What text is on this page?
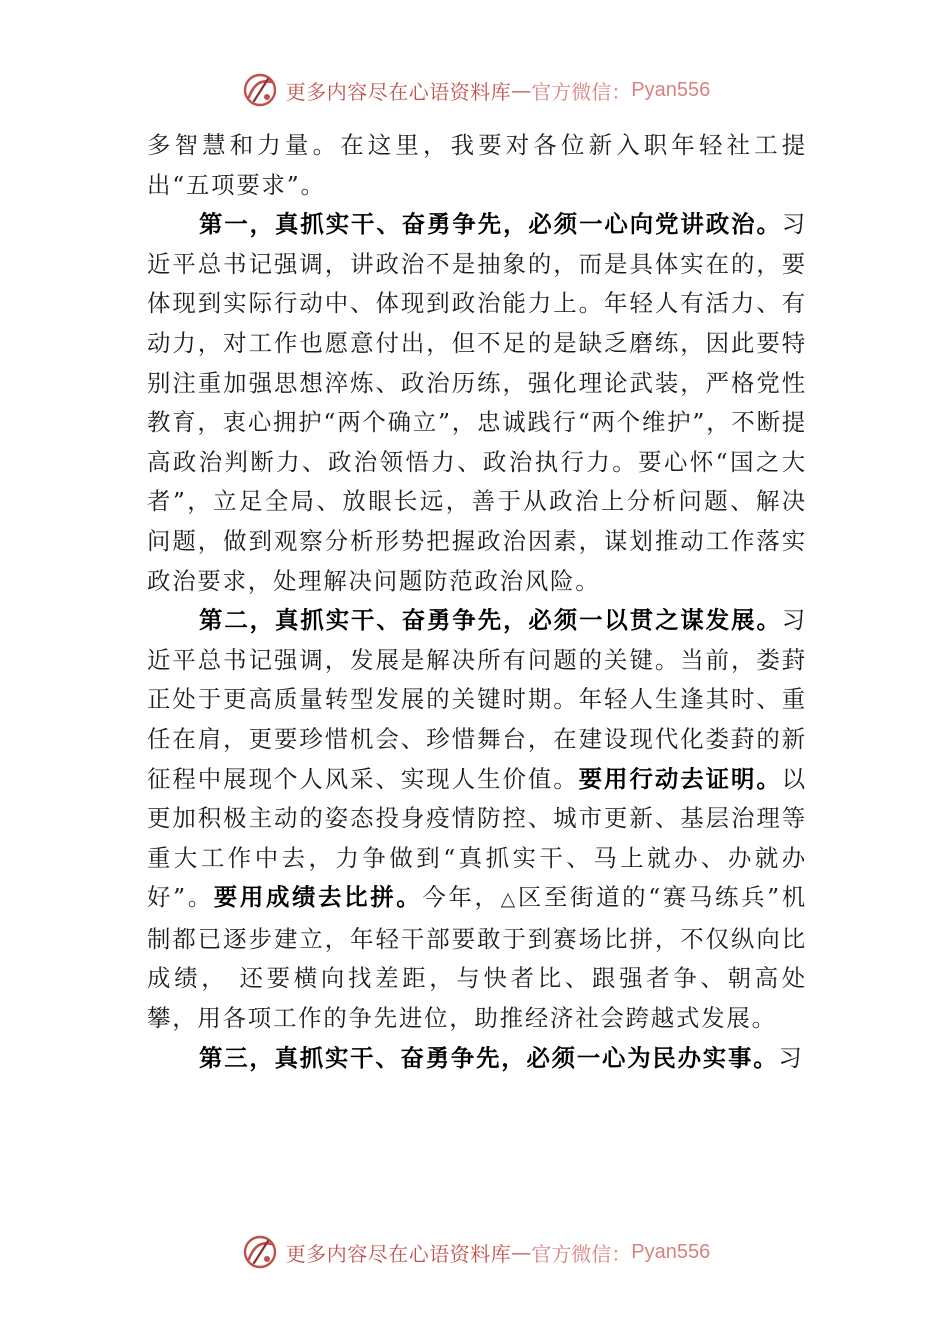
更多内容尽在心语资料库 — 官方微信： Pyan556

多智慧和力量。在这里，我要对各位新入职年轻社工提出“五项要求”。

第一，真抓实干、奋勇争先，必须一心向党讲政治。习近平总书记强调，讲政治不是抽象的，而是具体实在的，要体现到实际行动中、体现到政治能力上。年轻人有活力、有动力，对工作也愿意付出，但不足的是缺乏磨练，因此要特别注重加强思想淬炼、政治历练，强化理论武装，严格党性教育，衷心拥护“两个确立”，忠诚践行“两个维护”，不断提高政治判断力、政治领悟力、政治执行力。要心怀“国之大者”，立足全局、放眼长远，善于从政治上分析问题、解决问题，做到观察分析形势把握政治因素，谋划推动工作落实政治要求，处理解决问题防范政治风险。

第二，真抓实干、奋勇争先，必须一以贯之谋发展。习近平总书记强调，发展是解决所有问题的关键。当前，娄葑正处于更高质量转型发展的关键时期。年轻人生逢其时、重任在肩，更要珍惜机会、珍惜舞台，在建设现代化娄葑的新征程中展现个人风采、实现人生价值。要用行动去证明。以更加积极主动的姿态投身疫情防控、城市更新、基层治理等重大工作中去，力争做到“真抓实干、马上就办、办就办好”。要用成绩去比拼。今年，△区至街道的“赛马练兵”机制都已逐步建立，年轻干部要敢于到赛场比拼，不仅纵向比成绩， 还要横向找差距，与快者比、跟强者争、朝高处攀，用各项工作的争先进位，助推经济社会跨越式发展。

第三，真抓实干、奋勇争先，必须一心为民办实事。习

更多内容尽在心语资料库 — 官方微信： Pyan556
